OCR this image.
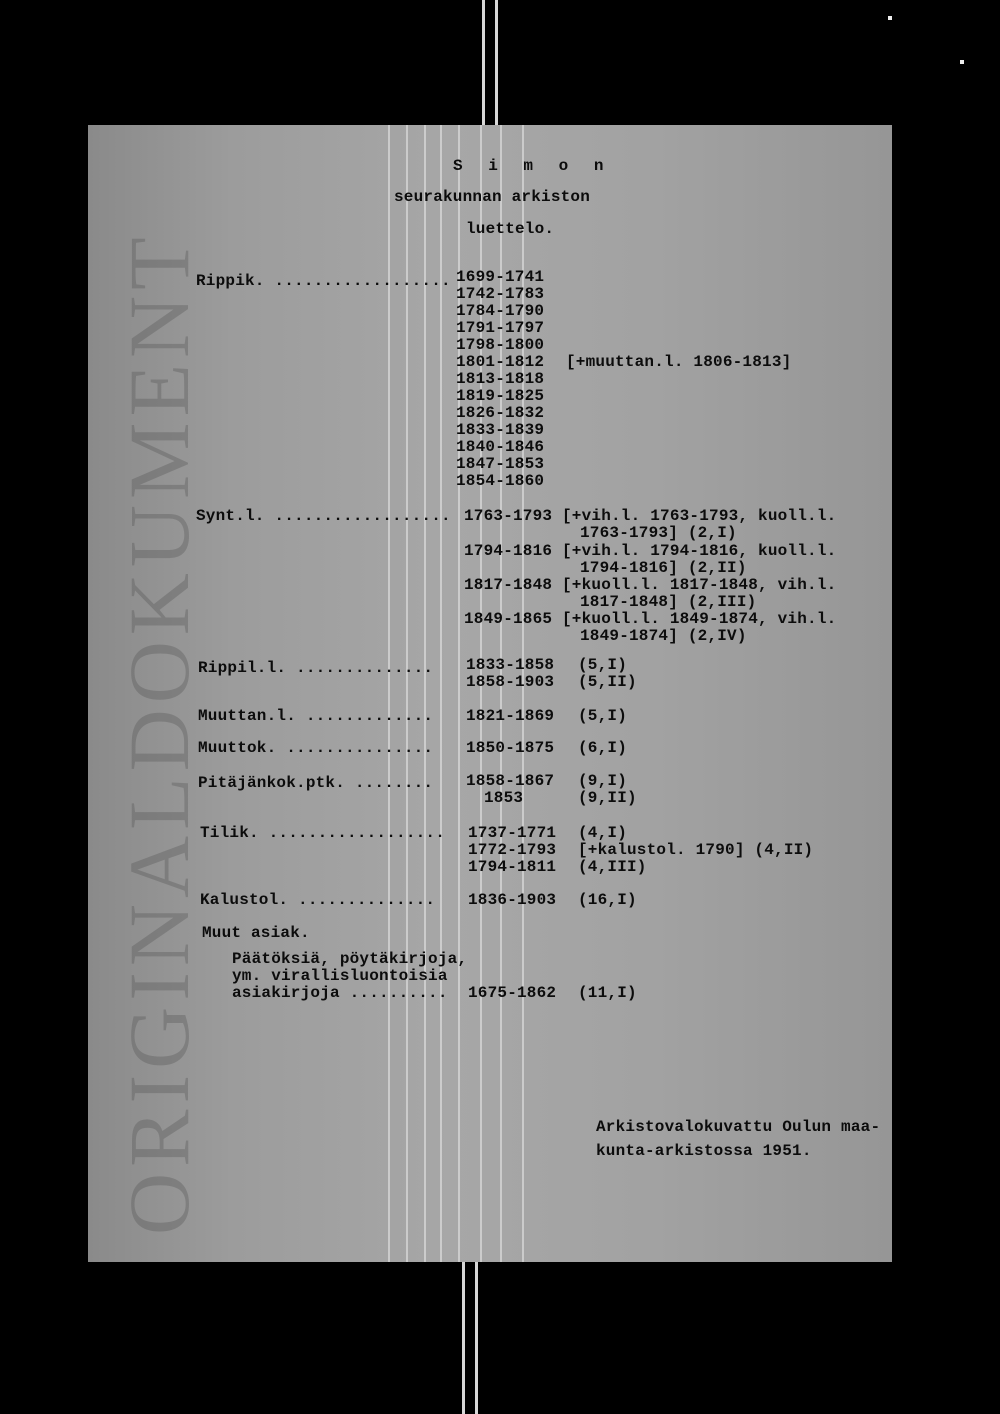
ORIGINALDOKUMENT
S i m o n
seurakunnan arkiston
luettelo.
Rippik. .................. 1699-1741
1742-1783
1784-1790
1791-1797
1798-1800
1801-1812
1813-1818
1819-1825
1826-1832
1833-1839
1840-1846
1847-1853
1854-1860
[+muuttan.l. 1806-1813]
Synt.l. .................. 1763-1793 [+vih.l. 1763-1793, kuoll.l.
1763-1793] (2,I)
1794-1816 [+vih.l. 1794-1816, kuoll.l.
1794-1816] (2,II)
1817-1848 [+kuoll.l. 1817-1848, vih.l.
1817-1848] (2,III)
1849-1865 [+kuoll.l. 1849-1874, vih.l.
1849-1874] (2,IV)
Rippil.l. .............. 1833-1858 (5,I)
1858-1903 (5,II)
Muuttan.l. ............. 1821-1869 (5,I)
Muuttok. ............... 1850-1875 (6,I)
Pitäjänkok.ptk. ........ 1858-1867 (9,I)
1853	(9,II)
Tilik. .................. 1737-1771 (4,I)
1772-1793 [+kalustol. 1790] (4,II)
1794-1811 (4,III)
Kalustol. .............. 1836-1903 (16,I)
Muut asiak.
Päätöksiä, pöytäkirjoja,
ym. virallisluontoisia
asiakirjoja .......... 1675-1862 (11,I)
Arkistovalokuvattu Oulun maa-
kunta-arkistossa 1951.
